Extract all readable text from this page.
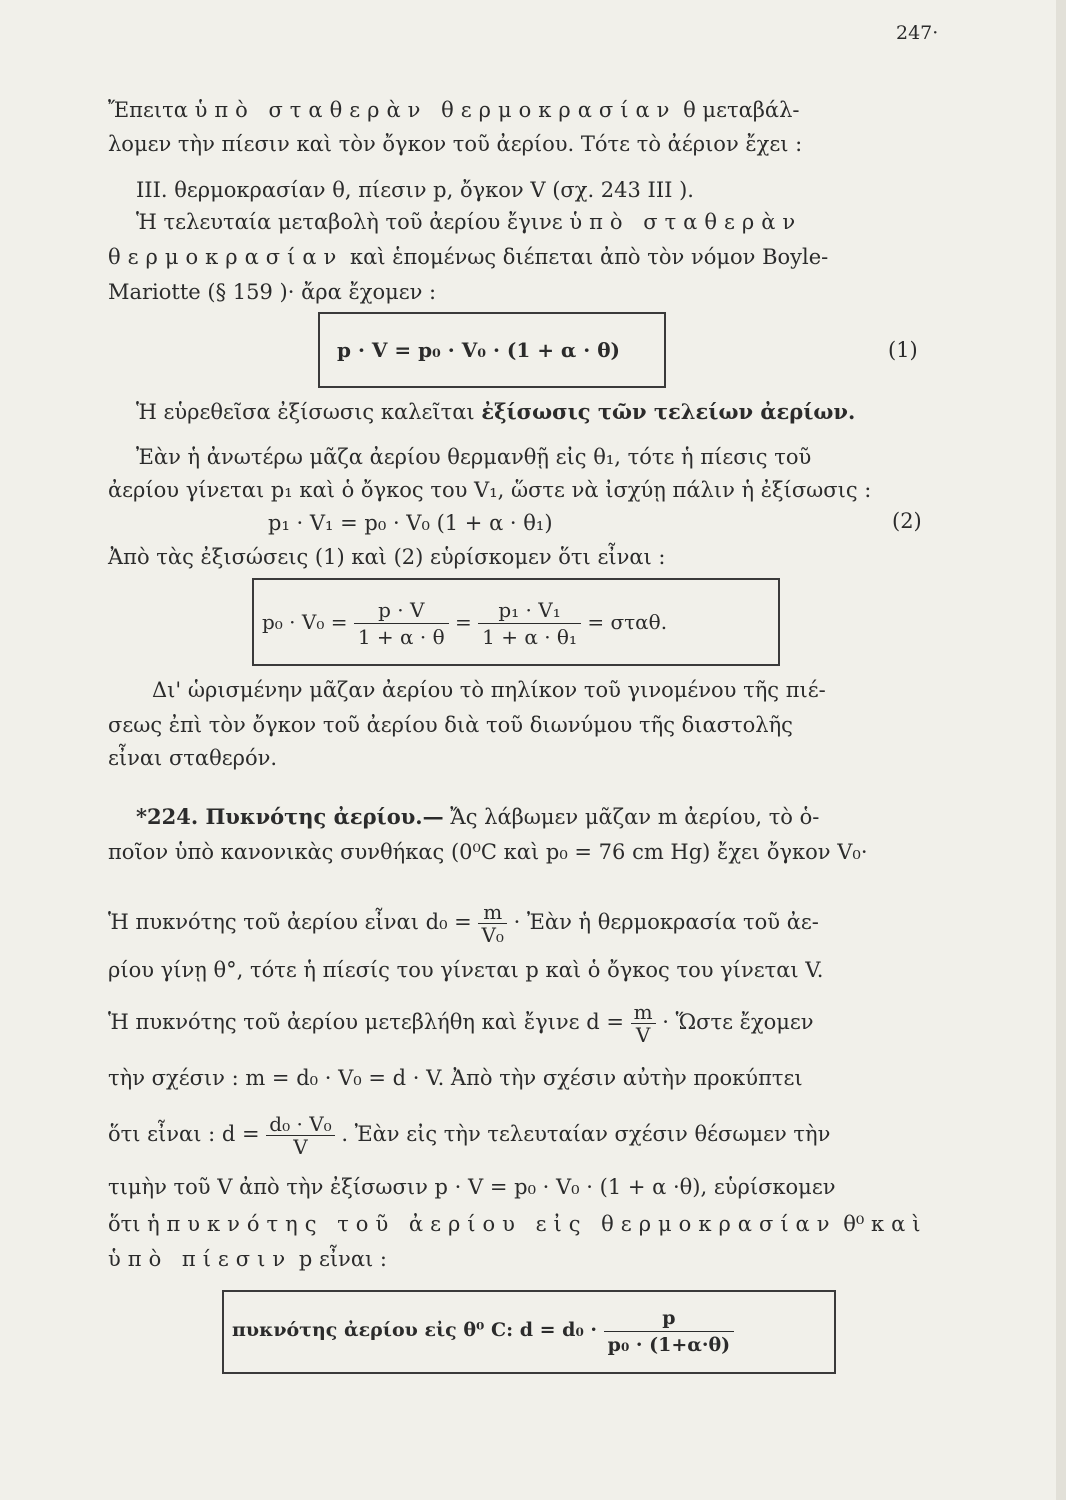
247·
Ἔπειτα ὑπὸ σταθερὰν θερμοκρασίαν θ μεταβάλ-
λομεν τὴν πίεσιν καὶ τὸν ὄγκον τοῦ ἀερίου. Τότε τὸ ἀέριον ἔχει :
III. θερμοκρασίαν θ, πίεσιν p, ὄγκον V (σχ. 243 III ).
Ἡ τελευταία μεταβολὴ τοῦ ἀερίου ἔγινε ὑπὸ σταθερὰν
θερμοκρασίαν καὶ ἑπομένως διέπεται ἀπὸ τὸν νόμον Boyle-
Mariotte (§ 159 )· ἄρα ἔχομεν :
p · V = p₀ · V₀ · (1 + α · θ)	(1)
Ἡ εὑρεθεῖσα ἐξίσωσις καλεῖται ἐξίσωσις τῶν τελείων ἀερίων.
Ἐὰν ἡ ἀνωτέρω μᾶζα ἀερίου θερμανθῇ εἰς θ₁, τότε ἡ πίεσις τοῦ
ἀερίου γίνεται p₁ καὶ ὁ ὄγκος του V₁, ὥστε νὰ ἰσχύῃ πάλιν ἡ ἐξίσωσις :
p₁ · V₁ = p₀ · V₀ (1 + α · θ₁)	(2)
Ἀπὸ τὰς ἐξισώσεις (1) καὶ (2) εὑρίσκομεν ὅτι εἶναι :
$p_0 \cdot V_0 = \frac{p \cdot V}{1 + \alpha \cdot \theta} = \frac{\text{p₁ · V₁}}{\text{1 + α · θ₁}} = \sigma\tau\alpha\theta$.
Δι' ὡρισμένην μᾶζαν ἀερίου τὸ πηλίκον τοῦ γινομένου τῆς πιέ-
σεως ἐπὶ τὸν ὄγκον τοῦ ἀερίου διὰ τοῦ διωνύμου τῆς διαστολῆς
εἶναι σταθερόν.
*224. Πυκνότης ἀερίου.— Ἄς λάβωμεν μᾶζαν m ἀερίου, τὸ ὁ-
ποῖον ὑπὸ κανονικὰς συνθήκας (0⁰C καὶ p₀ = 76 cm Hg) ἔχει ὄγκον V₀·
Ἡ πυκνότης τοῦ ἀερίου εἶναι $d_0 = \frac{m}{\text{V₀}}$ · Ἐὰν ἡ θερμοκρασία τοῦ ἀε-
ρίου γίνῃ θ°, τότε ἡ πίεσίς του γίνεται p καὶ ὁ ὄγκος του γίνεται V.
Ἡ πυκνότης τοῦ ἀερίου μετεβλήθη καὶ ἔγινε $d = \frac{m}{V}$ · Ὥστε ἔχομεν
τὴν σχέσιν : m = d₀ · V₀ = d · V. Ἀπὸ τὴν σχέσιν αὐτὴν προκύπτει
ὅτι εἶναι : $d = \frac{\text{d₀ · V₀}}{V}$ . Ἐὰν εἰς τὴν τελευταίαν σχέσιν θέσωμεν τὴν
τιμὴν τοῦ V ἀπὸ τὴν ἐξίσωσιν p · V = p₀ · V₀ · (1 + α ·θ), εὑρίσκομεν
ὅτι ἡ πυκνότης τοῦ ἀερίου εἰς θερμοκρασίαν θ⁰ καὶ
ὑπὸ πίεσιν p εἶναι :
πυκνότης ἀερίου εἰς θ⁰ C: $d = d_0 \cdot \frac{p}{\text{p₀ · (1+α·θ)}}$
